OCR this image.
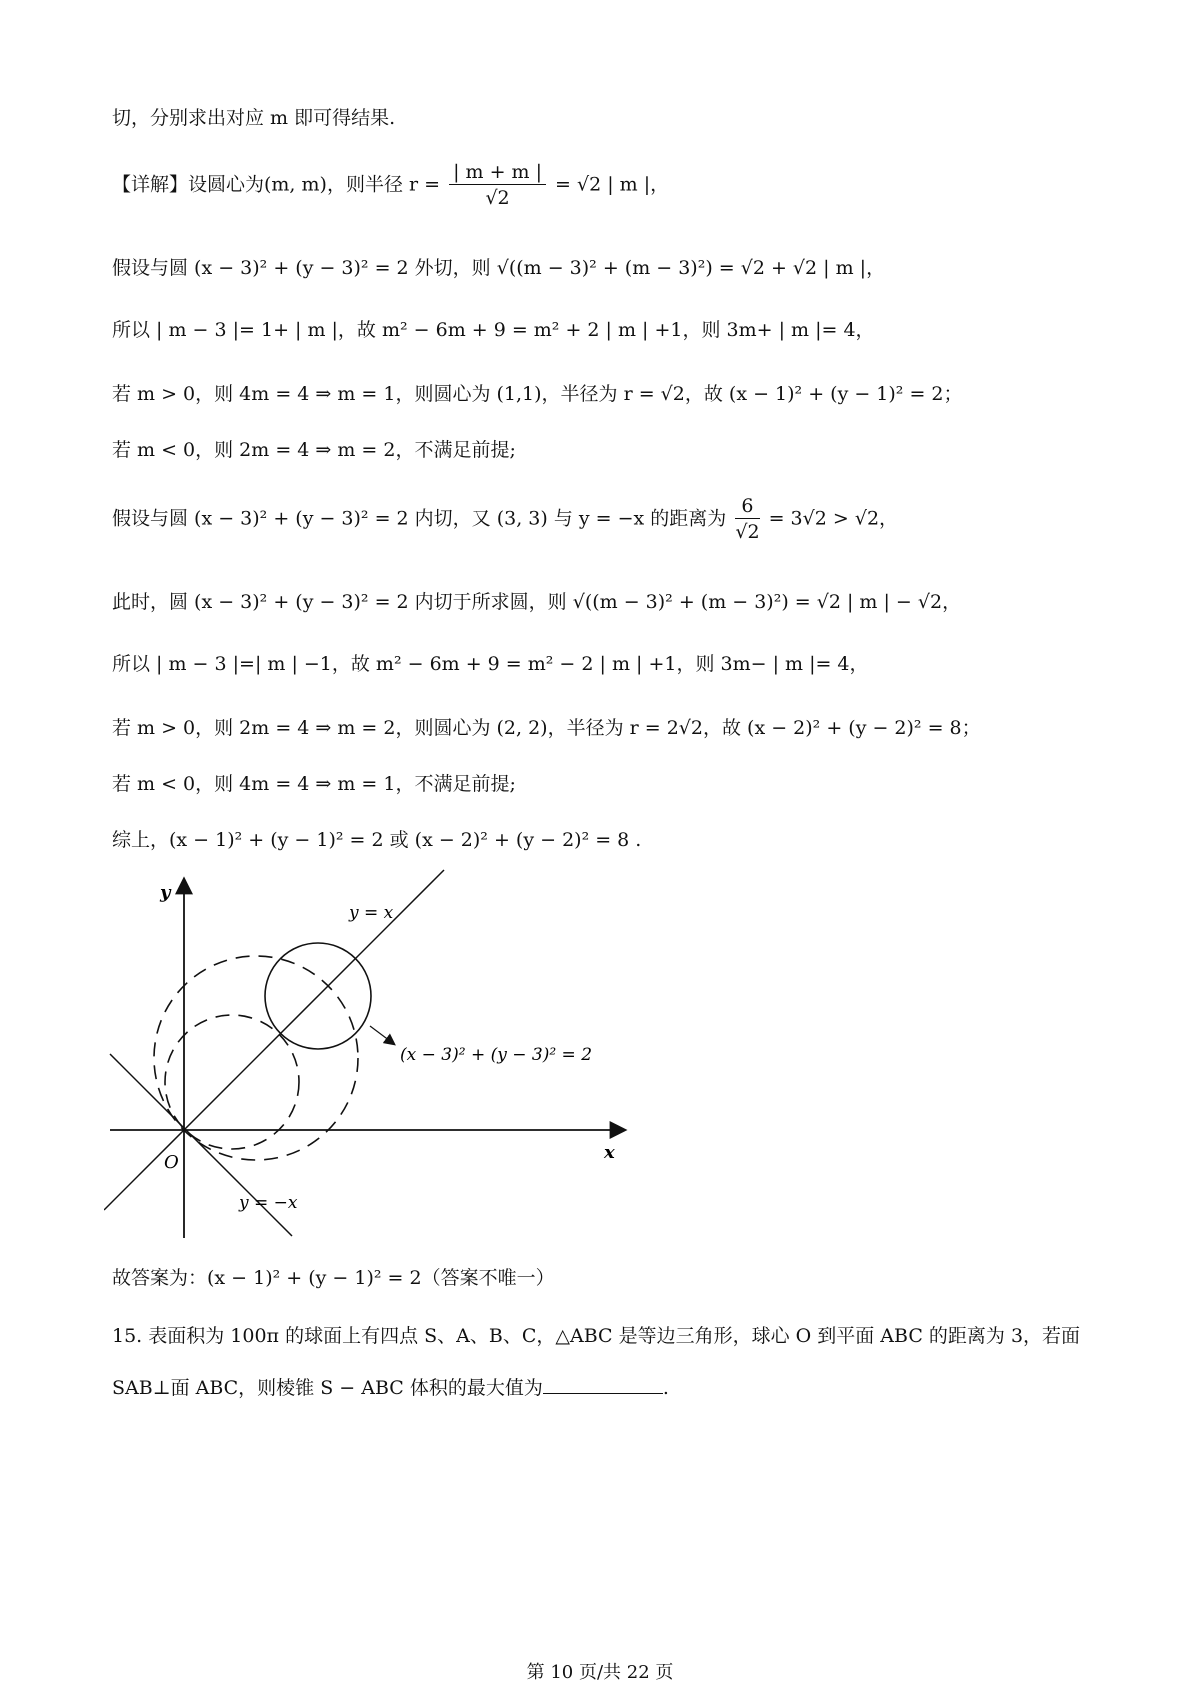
切，分别求出对应 m 即可得结果.
【详解】设圆心为(m, m)，则半径 $r = \frac{| m + m |}{√2} = √2$ | m |，
假设与圆 (x − 3)² + (y − 3)² = 2 外切，则 √((m − 3)² + (m − 3)²) = √2 + √2 | m |，
所以 | m − 3 |= 1+ | m |，故 m² − 6m + 9 = m² + 2 | m | +1，则 3m+ | m |= 4，
若 m > 0，则 4m = 4 ⇒ m = 1，则圆心为 (1,1)，半径为 r = √2，故 (x − 1)² + (y − 1)² = 2；
若 m < 0，则 2m = 4 ⇒ m = 2，不满足前提;
假设与圆 (x − 3)² + (y − 3)² = 2 内切，又 (3, 3) 与 y = −x 的距离为 $\frac{6}{√2} = 3√2 > √2$，
此时，圆 (x − 3)² + (y − 3)² = 2 内切于所求圆，则 √((m − 3)² + (m − 3)²) = √2 | m | − √2，
所以 | m − 3 |=| m | −1，故 m² − 6m + 9 = m² − 2 | m | +1，则 3m− | m |= 4，
若 m > 0，则 2m = 4 ⇒ m = 2，则圆心为 (2, 2)，半径为 r = 2√2，故 (x − 2)² + (y − 2)² = 8；
若 m < 0，则 4m = 4 ⇒ m = 1，不满足前提;
综上，(x − 1)² + (y − 1)² = 2 或 (x − 2)² + (y − 2)² = 8 .
y
x
O
y = x
y = −x
(x − 3)² + (y − 3)² = 2
故答案为：(x − 1)² + (y − 1)² = 2（答案不唯一）
15. 表面积为 100π 的球面上有四点 S、A、B、C，△ABC 是等边三角形，球心 O 到平面 ABC 的距离为 3，若面
SAB⊥面 ABC，则棱锥 S − ABC 体积的最大值为	.
第 10 页/共 22 页
